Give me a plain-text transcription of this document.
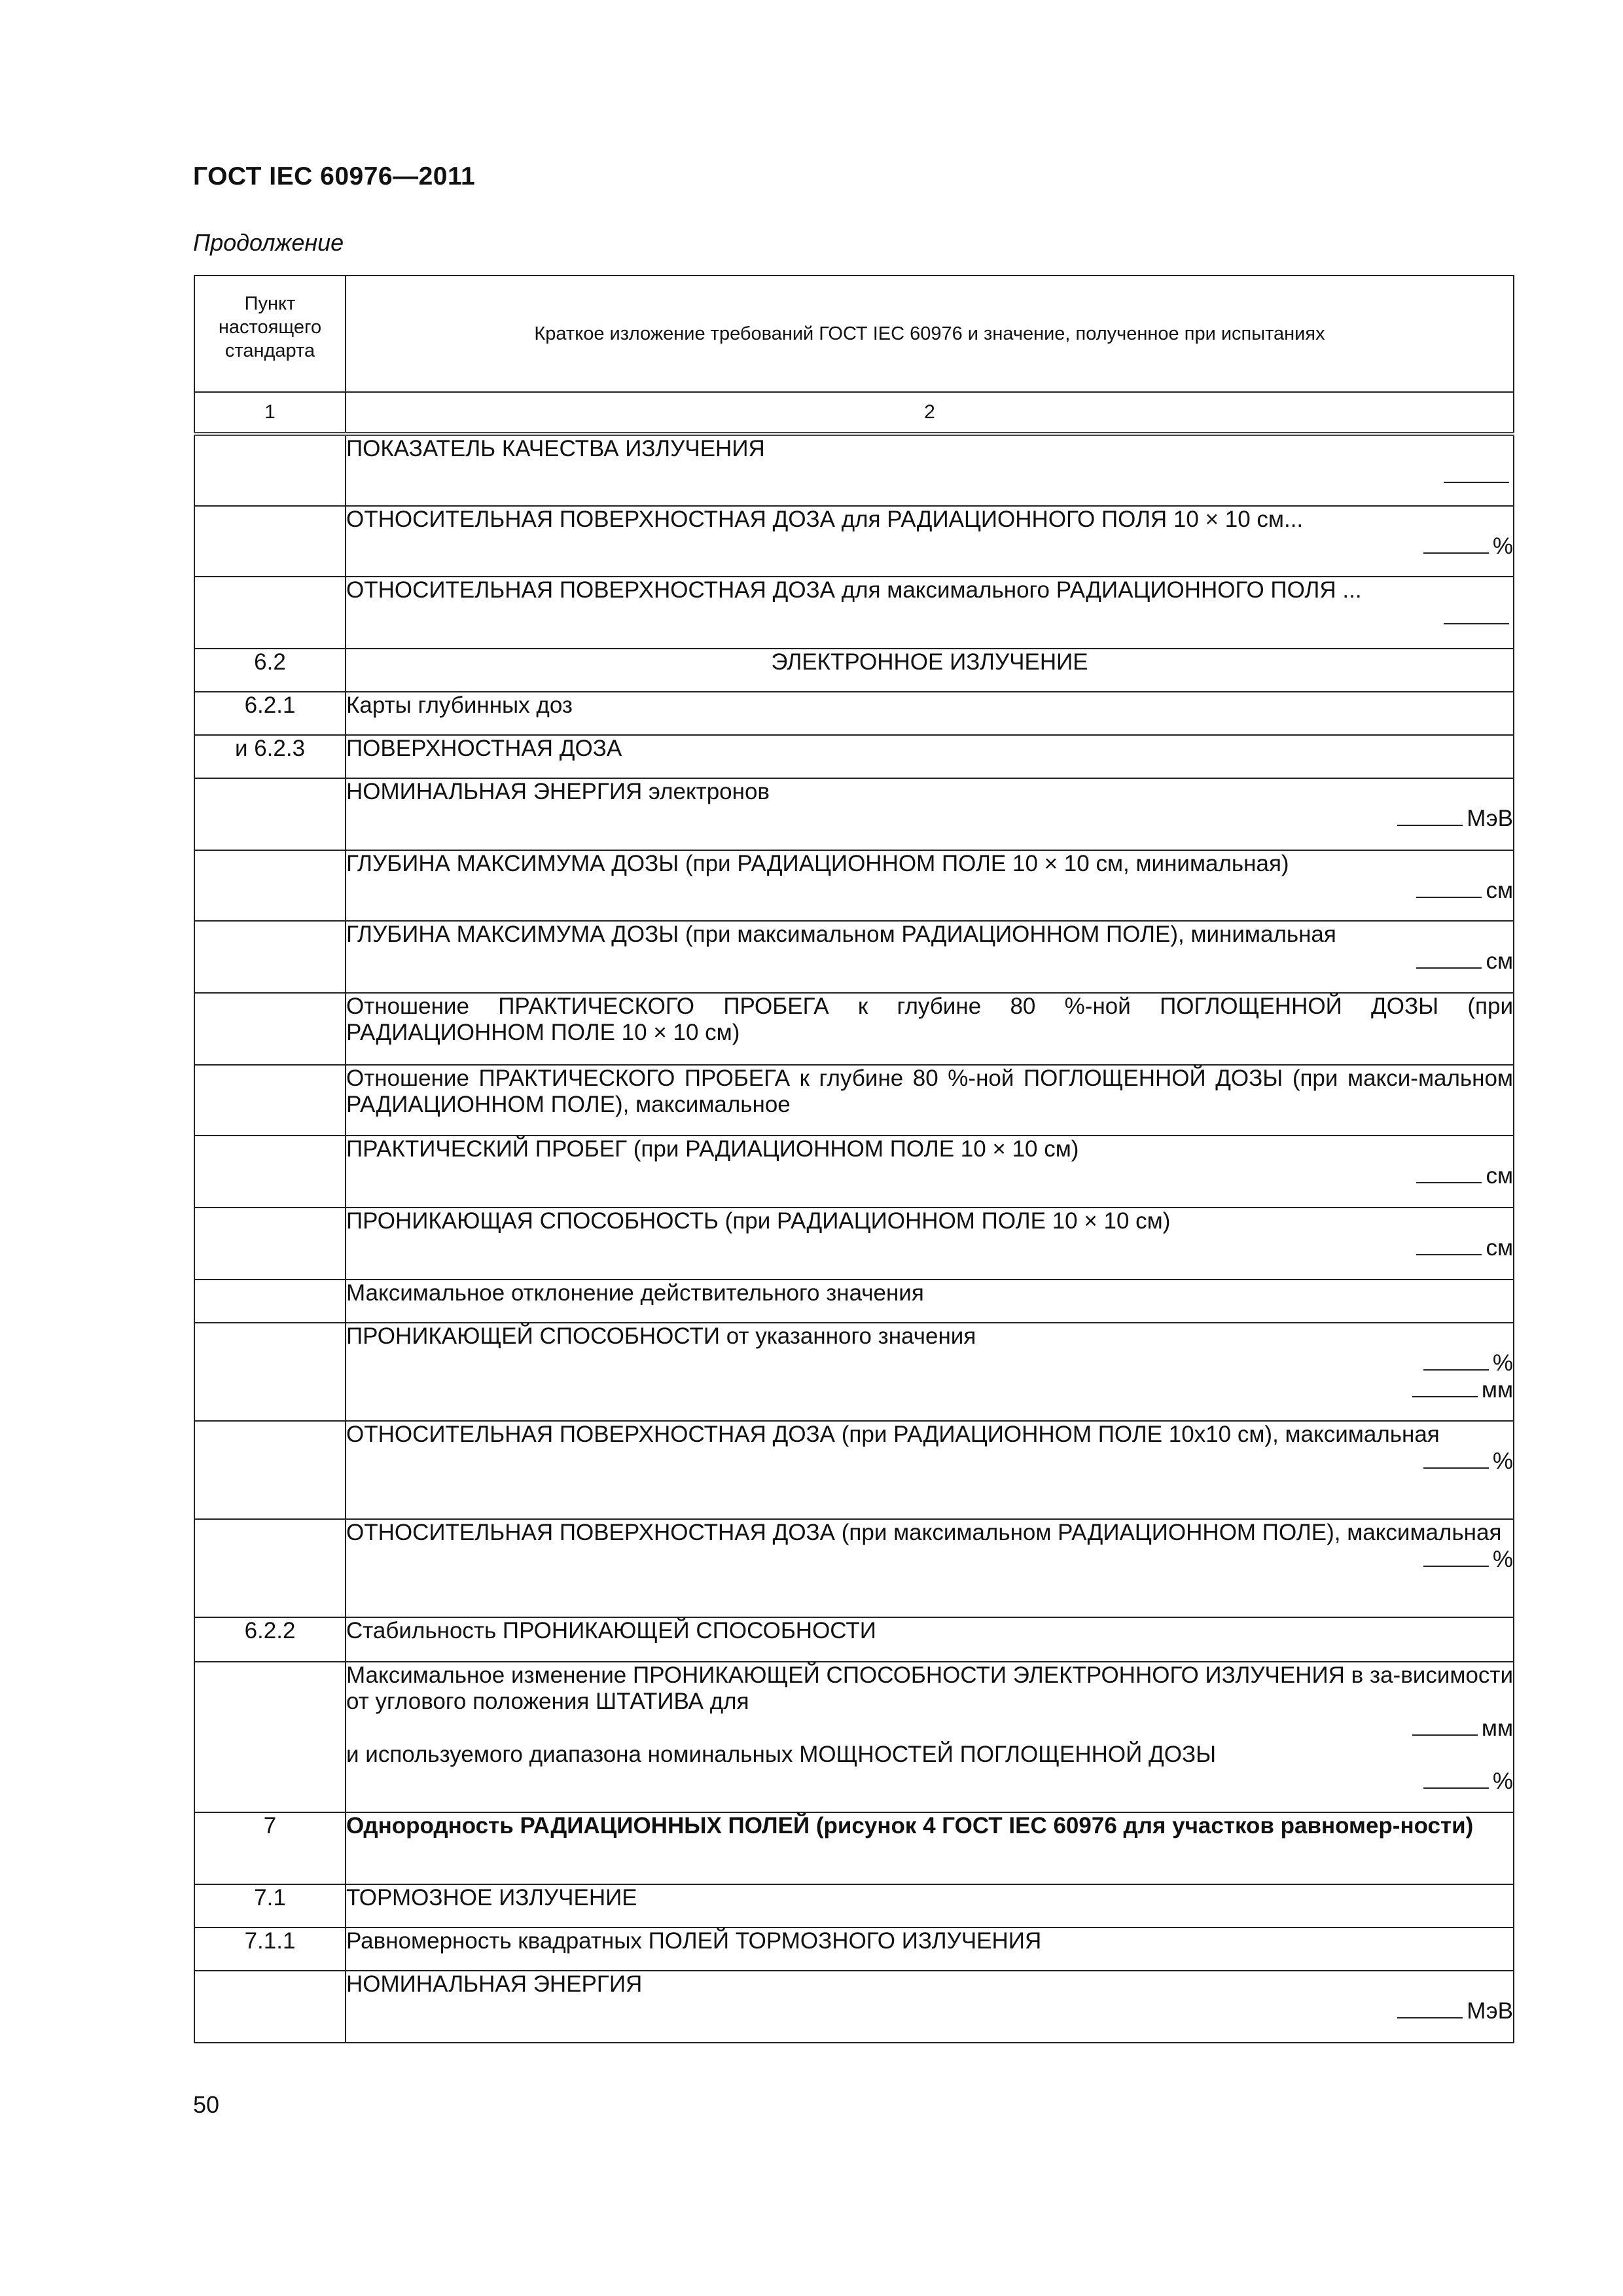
ГОСТ IEC 60976—2011
Продолжение
Пункт
настоящего
стандарта	Краткое изложение требований ГОСТ IEC 60976 и значение, полученное при испытаниях

1	2

	ПОКАЗАТЕЛЬ КАЧЕСТВА ИЗЛУЧЕНИЯ

	ОТНОСИТЕЛЬНАЯ ПОВЕРХНОСТНАЯ ДОЗА для РАДИАЦИОННОГО ПОЛЯ 10 × 10 см...
%

	ОТНОСИТЕЛЬНАЯ ПОВЕРХНОСТНАЯ ДОЗА для максимального РАДИАЦИОННОГО ПОЛЯ ...

6.2	ЭЛЕКТРОННОЕ ИЗЛУЧЕНИЕ

6.2.1	Карты глубинных доз

и 6.2.3	ПОВЕРХНОСТНАЯ ДОЗА

	НОМИНАЛЬНАЯ ЭНЕРГИЯ электронов
МэВ

	ГЛУБИНА МАКСИМУМА ДОЗЫ (при РАДИАЦИОННОМ ПОЛЕ 10 × 10 см, минимальная)
см

	ГЛУБИНА МАКСИМУМА ДОЗЫ (при максимальном РАДИАЦИОННОМ ПОЛЕ), минимальная
см

	Отношение ПРАКТИЧЕСКОГО ПРОБЕГА к глубине 80 %-ной ПОГЛОЩЕННОЙ ДОЗЫ (при РАДИАЦИОННОМ ПОЛЕ 10 × 10 см)

	Отношение ПРАКТИЧЕСКОГО ПРОБЕГА к глубине 80 %-ной ПОГЛОЩЕННОЙ ДОЗЫ (при макси-мальном РАДИАЦИОННОМ ПОЛЕ), максимальное

	ПРАКТИЧЕСКИЙ ПРОБЕГ (при РАДИАЦИОННОМ ПОЛЕ 10 × 10 см)
см

	ПРОНИКАЮЩАЯ СПОСОБНОСТЬ (при РАДИАЦИОННОМ ПОЛЕ 10 × 10 см)
см

	Максимальное отклонение действительного значения

	ПРОНИКАЮЩЕЙ СПОСОБНОСТИ от указанного значения
%
мм

	ОТНОСИТЕЛЬНАЯ ПОВЕРХНОСТНАЯ ДОЗА (при РАДИАЦИОННОМ ПОЛЕ 10х10 см), максимальная
%

	ОТНОСИТЕЛЬНАЯ ПОВЕРХНОСТНАЯ ДОЗА (при максимальном РАДИАЦИОННОМ ПОЛЕ), максимальная
%

6.2.2	Стабильность ПРОНИКАЮЩЕЙ СПОСОБНОСТИ

	Максимальное изменение ПРОНИКАЮЩЕЙ СПОСОБНОСТИ ЭЛЕКТРОННОГО ИЗЛУЧЕНИЯ в за-висимости от углового положения ШТАТИВА для
мм
и используемого диапазона номинальных МОЩНОСТЕЙ ПОГЛОЩЕННОЙ ДОЗЫ
%

7	Однородность РАДИАЦИОННЫХ ПОЛЕЙ (рисунок 4 ГОСТ IEC 60976 для участков равномер-ности)

7.1	ТОРМОЗНОЕ ИЗЛУЧЕНИЕ

7.1.1	Равномерность квадратных ПОЛЕЙ ТОРМОЗНОГО ИЗЛУЧЕНИЯ

	НОМИНАЛЬНАЯ ЭНЕРГИЯ
МэВ
50
